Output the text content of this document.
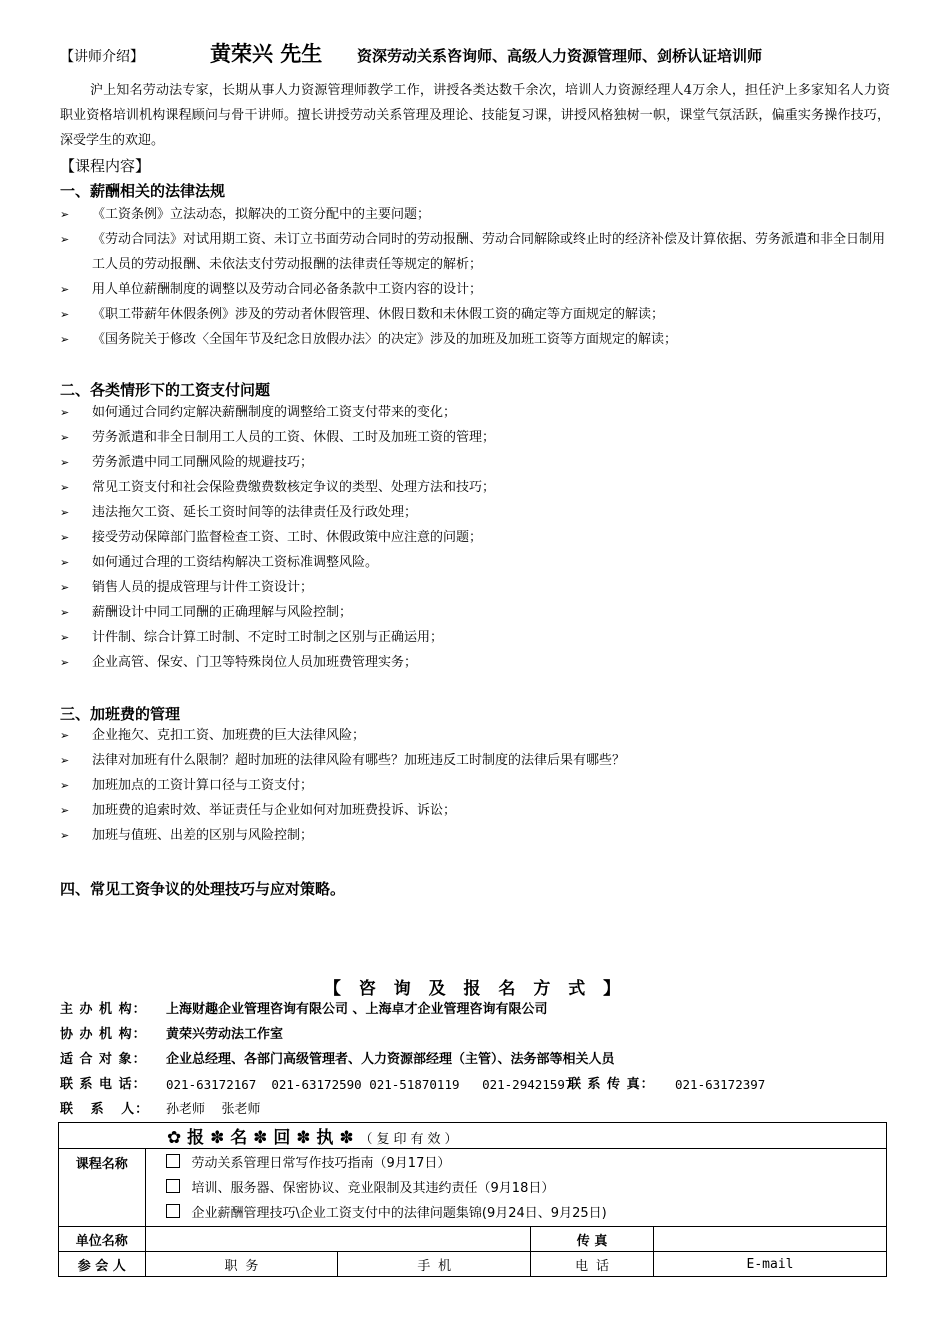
【讲师介绍】	黄荣兴 先生 资深劳动关系咨询师、高级人力资源管理师、剑桥认证培训师
沪上知名劳动法专家，长期从事人力资源管理师教学工作，讲授各类达数千余次，培训人力资源经理人4万余人，担任沪上多家知名人力资职业资格培训机构课程顾问与骨干讲师。擅长讲授劳动关系管理及理论、技能复习课，讲授风格独树一帜，课堂气氛活跃，偏重实务操作技巧，深受学生的欢迎。
【课程内容】
一、薪酬相关的法律法规
➢ 《工资条例》立法动态，拟解决的工资分配中的主要问题；
➢ 《劳动合同法》对试用期工资、未订立书面劳动合同时的劳动报酬、劳动合同解除或终止时的经济补偿及计算依据、劳务派遣和非全日制用工人员的劳动报酬、未依法支付劳动报酬的法律责任等规定的解析；
➢ 用人单位薪酬制度的调整以及劳动合同必备条款中工资内容的设计；
➢ 《职工带薪年休假条例》涉及的劳动者休假管理、休假日数和未休假工资的确定等方面规定的解读；
➢ 《国务院关于修改〈全国年节及纪念日放假办法〉的决定》涉及的加班及加班工资等方面规定的解读；
二、各类情形下的工资支付问题
➢ 如何通过合同约定解决薪酬制度的调整给工资支付带来的变化；
➢ 劳务派遣和非全日制用工人员的工资、休假、工时及加班工资的管理；
➢ 劳务派遣中同工同酬风险的规避技巧；
➢ 常见工资支付和社会保险费缴费数核定争议的类型、处理方法和技巧；
➢ 违法拖欠工资、延长工资时间等的法律责任及行政处理；
➢ 接受劳动保障部门监督检查工资、工时、休假政策中应注意的问题；
➢ 如何通过合理的工资结构解决工资标准调整风险。
➢ 销售人员的提成管理与计件工资设计；
➢ 薪酬设计中同工同酬的正确理解与风险控制；
➢ 计件制、综合计算工时制、不定时工时制之区别与正确运用；
➢ 企业高管、保安、门卫等特殊岗位人员加班费管理实务；
三、加班费的管理
➢ 企业拖欠、克扣工资、加班费的巨大法律风险；
➢ 法律对加班有什么限制？超时加班的法律风险有哪些？加班违反工时制度的法律后果有哪些？
➢ 加班加点的工资计算口径与工资支付；
➢ 加班费的追索时效、举证责任与企业如何对加班费投诉、诉讼；
➢ 加班与值班、出差的区别与风险控制；
四、常见工资争议的处理技巧与应对策略。
【 咨 询 及 报 名 方 式 】
主 办 机 构： 上海财趣企业管理咨询有限公司 、上海卓才企业管理咨询有限公司
协 办 机 构： 黄荣兴劳动法工作室
适 合 对 象： 企业总经理、各部门高级管理者、人力资源部经理（主管）、法务部等相关人员
联 系 电 话： 021-63172167  021-63172590 021-51870119   021-29421597
联 系 传 真： 021-63172397
联   系   人： 孙老师    张老师
✿ 报 ✽ 名 ✽ 回 ✽ 执 ✽ （复印有效）				
课程名称	劳动关系管理日常写作技巧指南（9月17日）
培训、服务器、保密协议、竞业限制及其违约责任（9月18日）
企业薪酬管理技巧\企业工资支付中的法律问题集锦(9月24日、9月25日)			

单位名称			传 真	
参 会 人	职 务	手 机	电 话	E-mail
